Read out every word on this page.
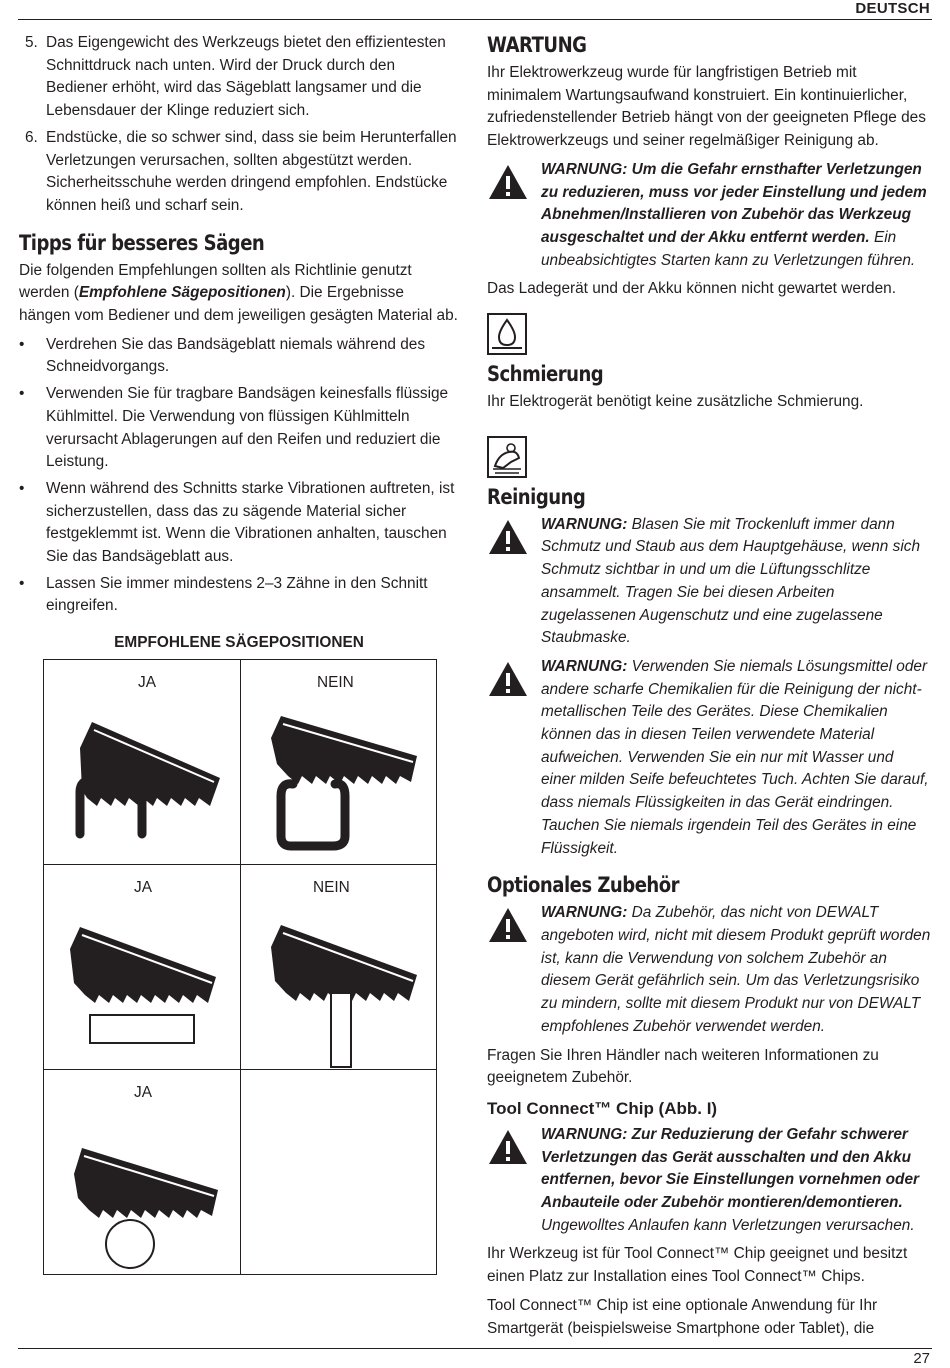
DEUTSCH
5. Das Eigengewicht des Werkzeugs bietet den effizientesten Schnittdruck nach unten. Wird der Druck durch den Bediener erhöht, wird das Sägeblatt langsamer und die Lebensdauer der Klinge reduziert sich.
6. Endstücke, die so schwer sind, dass sie beim Herunterfallen Verletzungen verursachen, sollten abgestützt werden. Sicherheitsschuhe werden dringend empfohlen. Endstücke können heiß und scharf sein.
Tipps für besseres Sägen

Die folgenden Empfehlungen sollten als Richtlinie genutzt werden (Empfohlene Sägepositionen). Die Ergebnisse hängen vom Bediener und dem jeweiligen gesägten Material ab.

• Verdrehen Sie das Bandsägeblatt niemals während des Schneidvorgangs.
• Verwenden Sie für tragbare Bandsägen keinesfalls flüssige Kühlmittel. Die Verwendung von flüssigen Kühlmitteln verursacht Ablagerungen auf den Reifen und reduziert die Leistung.
• Wenn während des Schnitts starke Vibrationen auftreten, ist sicherzustellen, dass das zu sägende Material sicher festgeklemmt ist. Wenn die Vibrationen anhalten, tauschen Sie das Bandsägeblatt aus.
• Lassen Sie immer mindestens 2–3 Zähne in den Schnitt eingreifen.
EMPFOHLENE SÄGEPOSITIONEN
JA	NEIN
JA	NEIN
JA
WARTUNG

Ihr Elektrowerkzeug wurde für langfristigen Betrieb mit minimalem Wartungsaufwand konstruiert. Ein kontinuierlicher, zufriedenstellender Betrieb hängt von der geeigneten Pflege des Elektrowerkzeugs und seiner regelmäßiger Reinigung ab.

WARNUNG: Um die Gefahr ernsthafter Verletzungen zu reduzieren, muss vor jeder Einstellung und jedem Abnehmen/Installieren von Zubehör das Werkzeug ausgeschaltet und der Akku entfernt werden. Ein unbeabsichtigtes Starten kann zu Verletzungen führen.

Das Ladegerät und der Akku können nicht gewartet werden.

Schmierung

Ihr Elektrogerät benötigt keine zusätzliche Schmierung.

Reinigung
WARNUNG: Blasen Sie mit Trockenluft immer dann Schmutz und Staub aus dem Hauptgehäuse, wenn sich Schmutz sichtbar in und um die Lüftungsschlitze ansammelt. Tragen Sie bei diesen Arbeiten zugelassenen Augenschutz und eine zugelassene Staubmaske.
WARNUNG: Verwenden Sie niemals Lösungsmittel oder andere scharfe Chemikalien für die Reinigung der nicht-metallischen Teile des Gerätes. Diese Chemikalien können das in diesen Teilen verwendete Material aufweichen. Verwenden Sie ein nur mit Wasser und einer milden Seife befeuchtetes Tuch. Achten Sie darauf, dass niemals Flüssigkeiten in das Gerät eindringen. Tauchen Sie niemals irgendein Teil des Gerätes in eine Flüssigkeit.
Optionales Zubehör
WARNUNG: Da Zubehör, das nicht von DEWALT angeboten wird, nicht mit diesem Produkt geprüft worden ist, kann die Verwendung von solchem Zubehör an diesem Gerät gefährlich sein. Um das Verletzungsrisiko zu mindern, sollte mit diesem Produkt nur von DEWALT empfohlenes Zubehör verwendet werden.

Fragen Sie Ihren Händler nach weiteren Informationen zu geeignetem Zubehör.

Tool Connect™ Chip (Abb. I)
WARNUNG: Zur Reduzierung der Gefahr schwerer Verletzungen das Gerät ausschalten und den Akku entfernen, bevor Sie Einstellungen vornehmen oder Anbauteile oder Zubehör montieren/demontieren. Ungewolltes Anlaufen kann Verletzungen verursachen.

Ihr Werkzeug ist für Tool Connect™ Chip geeignet und besitzt einen Platz zur Installation eines Tool Connect™ Chips.

Tool Connect™ Chip ist eine optionale Anwendung für Ihr Smartgerät (beispielsweise Smartphone oder Tablet), die

27
